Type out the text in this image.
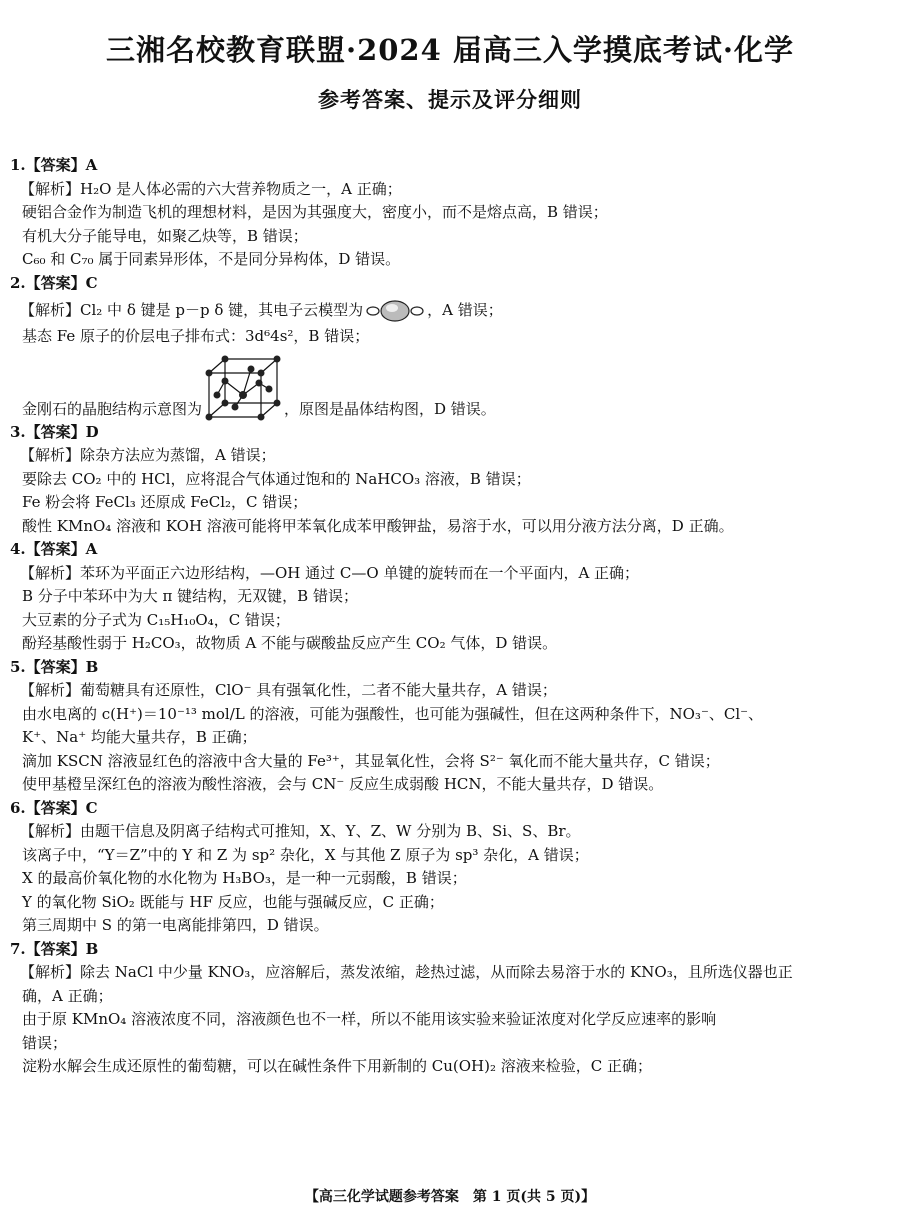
三湘名校教育联盟·2024 届高三入学摸底考试·化学
参考答案、提示及评分细则
1.【答案】A
【解析】H₂O 是人体必需的六大营养物质之一，A 正确；
硬铝合金作为制造飞机的理想材料，是因为其强度大，密度小，而不是熔点高，B 错误；
有机大分子能导电，如聚乙炔等，B 错误；
C₆₀ 和 C₇₀ 属于同素异形体，不是同分异构体，D 错误。
2.【答案】C
【解析】Cl₂ 中 δ 键是 p－p δ 键，其电子云模型为	，A 错误；
基态 Fe 原子的价层电子排布式：3d⁶4s²，B 错误；
金刚石的晶胞结构示意图为	，原图是晶体结构图，D 错误。
3.【答案】D
【解析】除杂方法应为蒸馏，A 错误；
要除去 CO₂ 中的 HCl，应将混合气体通过饱和的 NaHCO₃ 溶液，B 错误；
Fe 粉会将 FeCl₃ 还原成 FeCl₂，C 错误；
酸性 KMnO₄ 溶液和 KOH 溶液可能将甲苯氧化成苯甲酸钾盐，易溶于水，可以用分液方法分离，D 正确。
4.【答案】A
【解析】苯环为平面正六边形结构，—OH 通过 C—O 单键的旋转而在一个平面内，A 正确；
B 分子中苯环中为大 π 键结构，无双键，B 错误；
大豆素的分子式为 C₁₅H₁₀O₄，C 错误；
酚羟基酸性弱于 H₂CO₃，故物质 A 不能与碳酸盐反应产生 CO₂ 气体，D 错误。
5.【答案】B
【解析】葡萄糖具有还原性，ClO⁻ 具有强氧化性，二者不能大量共存，A 错误；
由水电离的 c(H⁺)＝10⁻¹³ mol/L 的溶液，可能为强酸性，也可能为强碱性，但在这两种条件下，NO₃⁻、Cl⁻、
K⁺、Na⁺ 均能大量共存，B 正确；
滴加 KSCN 溶液显红色的溶液中含大量的 Fe³⁺，其显氧化性，会将 S²⁻ 氧化而不能大量共存，C 错误；
使甲基橙呈深红色的溶液为酸性溶液，会与 CN⁻ 反应生成弱酸 HCN，不能大量共存，D 错误。
6.【答案】C
【解析】由题干信息及阴离子结构式可推知，X、Y、Z、W 分别为 B、Si、S、Br。
该离子中，“Y＝Z”中的 Y 和 Z 为 sp² 杂化，X 与其他 Z 原子为 sp³ 杂化，A 错误；
X 的最高价氧化物的水化物为 H₃BO₃，是一种一元弱酸，B 错误；
Y 的氧化物 SiO₂ 既能与 HF 反应，也能与强碱反应，C 正确；
第三周期中 S 的第一电离能排第四，D 错误。
7.【答案】B
【解析】除去 NaCl 中少量 KNO₃，应溶解后，蒸发浓缩，趁热过滤，从而除去易溶于水的 KNO₃，且所选仪器也正
确，A 正确；
由于原 KMnO₄ 溶液浓度不同，溶液颜色也不一样，所以不能用该实验来验证浓度对化学反应速率的影响
错误；
淀粉水解会生成还原性的葡萄糖，可以在碱性条件下用新制的 Cu(OH)₂ 溶液来检验，C 正确；
【高三化学试题参考答案　第 1 页(共 5 页)】
